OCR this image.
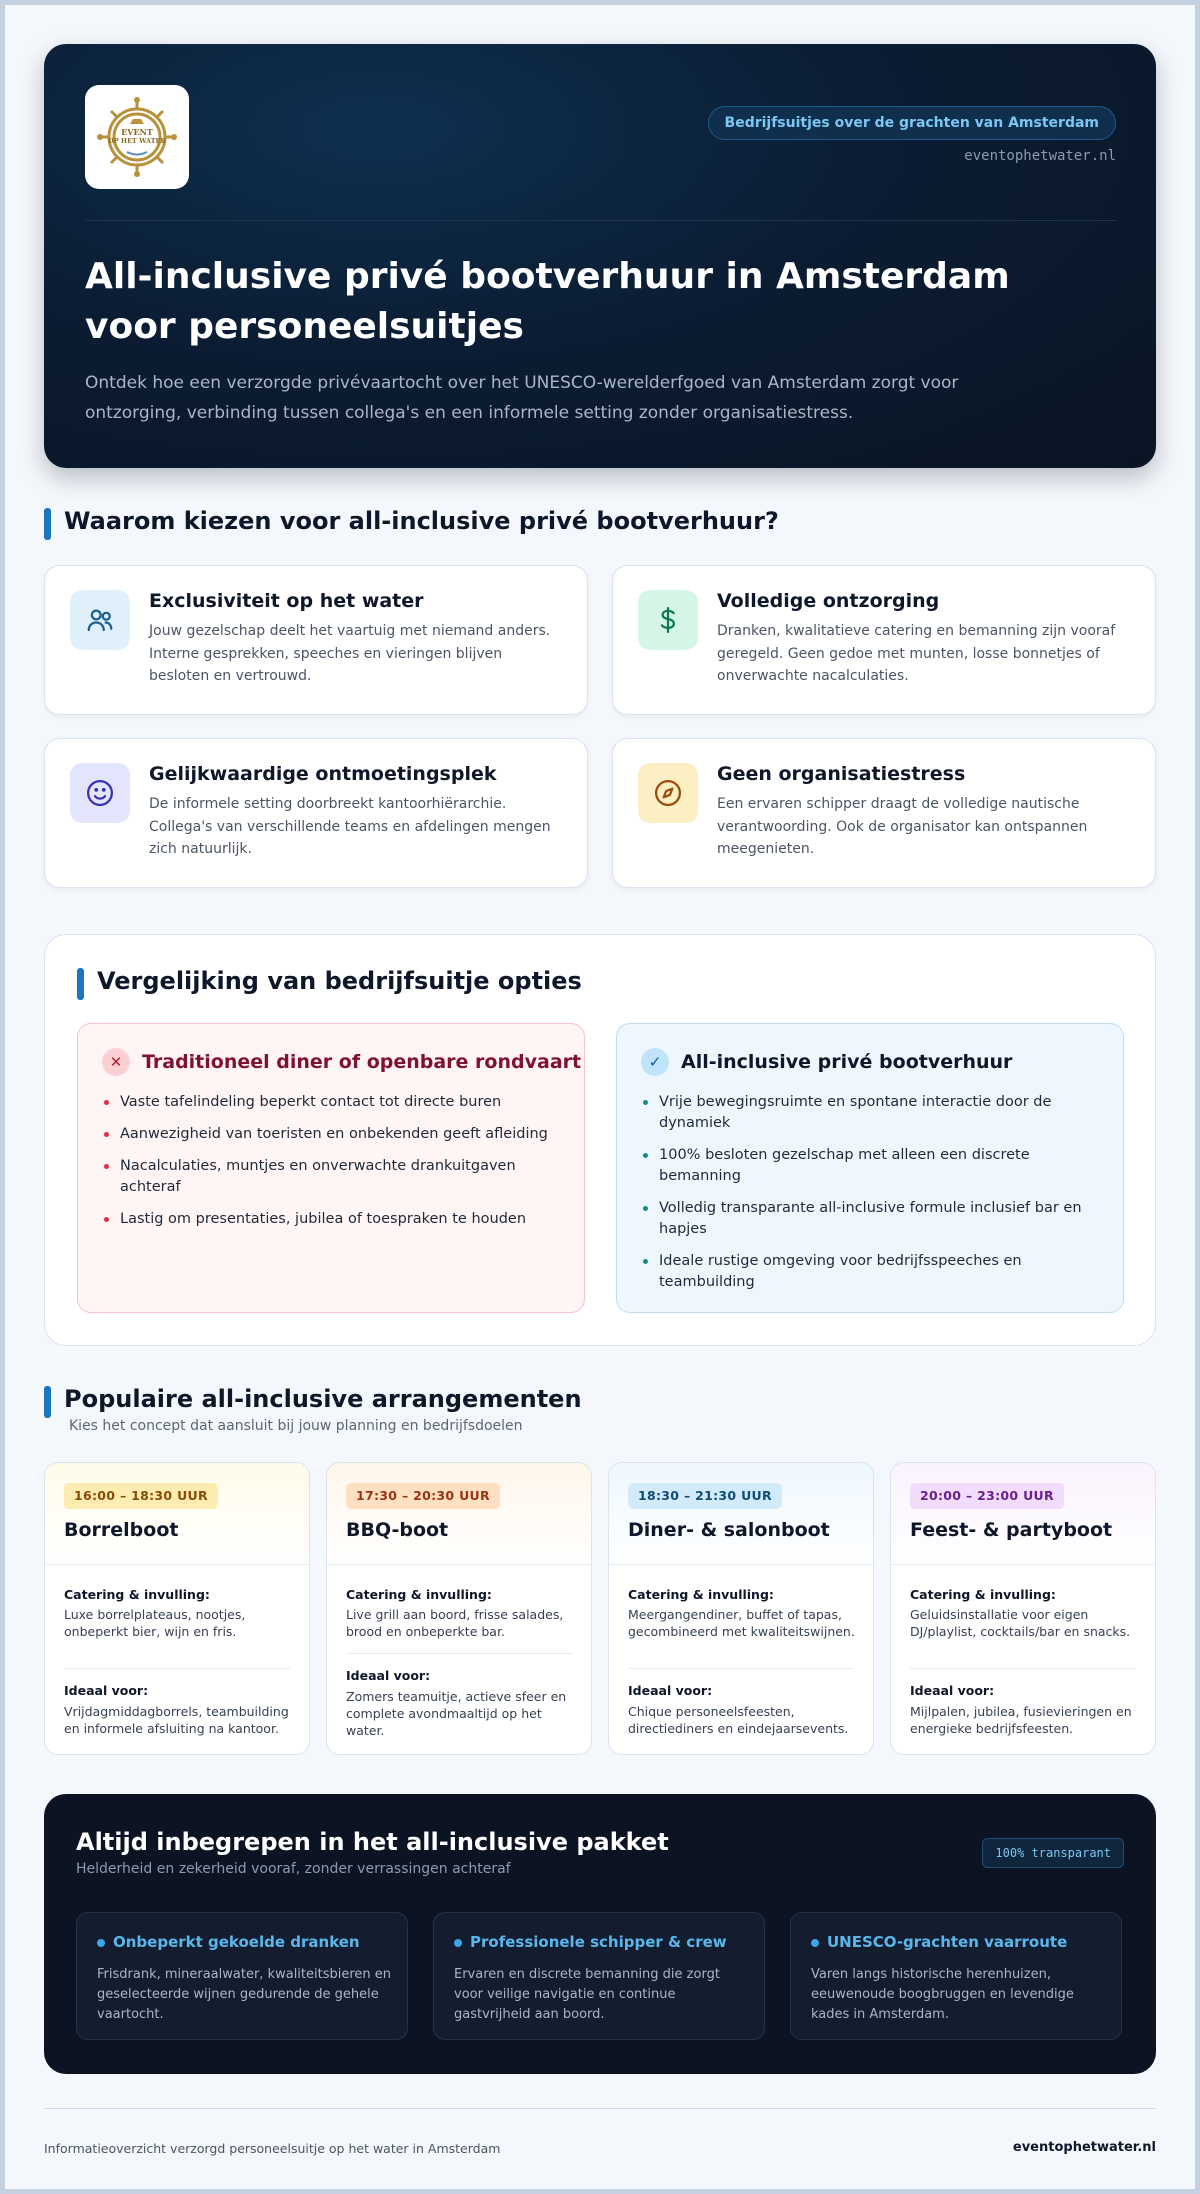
EVENT
OP HET WATER
Bedrijfsuitjes over de grachten van Amsterdam
eventophetwater.nl
All-inclusive privé bootverhuur in Amsterdam voor personeelsuitjes

Ontdek hoe een verzorgde privévaartocht over het UNESCO-werelderfgoed van Amsterdam zorgt voor ontzorging, verbinding tussen collega's en een informele setting zonder organisatiestress.

Waarom kiezen voor all-inclusive privé bootverhuur?
Exclusiviteit op het water

Jouw gezelschap deelt het vaartuig met niemand anders. Interne gesprekken, speeches en vieringen blijven besloten en vertrouwd.

Volledige ontzorging

Dranken, kwalitatieve catering en bemanning zijn vooraf geregeld. Geen gedoe met munten, losse bonnetjes of onverwachte nacalculaties.

Gelijkwaardige ontmoetingsplek

De informele setting doorbreekt kantoorhiërarchie. Collega's van verschillende teams en afdelingen mengen zich natuurlijk.

Geen organisatiestress

Een ervaren schipper draagt de volledige nautische verantwoording. Ook de organisator kan ontspannen meegenieten.

Vergelijking van bedrijfsuitje opties
✕	Traditioneel diner of openbare rondvaart
Vaste tafelindeling beperkt contact tot directe buren
Aanwezigheid van toeristen en onbekenden geeft afleiding
Nacalculaties, muntjes en onverwachte drankuitgaven achteraf
Lastig om presentaties, jubilea of toespraken te houden
✓	All-inclusive privé bootverhuur
Vrije bewegingsruimte en spontane interactie door de dynamiek
100% besloten gezelschap met alleen een discrete bemanning
Volledig transparante all-inclusive formule inclusief bar en hapjes
Ideale rustige omgeving voor bedrijfsspeeches en teambuilding
Populaire all-inclusive arrangementen
Kies het concept dat aansluit bij jouw planning en bedrijfsdoelen
16:00 – 18:30 UUR
Borrelboot
Catering & invulling:
Luxe borrelplateaus, nootjes, onbeperkt bier, wijn en fris.
Ideaal voor:
Vrijdagmiddagborrels, teambuilding en informele afsluiting na kantoor.
17:30 – 20:30 UUR
BBQ-boot
Catering & invulling:
Live grill aan boord, frisse salades, brood en onbeperkte bar.
Ideaal voor:
Zomers teamuitje, actieve sfeer en complete avondmaaltijd op het water.
18:30 – 21:30 UUR
Diner- & salonboot
Catering & invulling:
Meergangendiner, buffet of tapas, gecombineerd met kwaliteitswijnen.
Ideaal voor:
Chique personeelsfeesten, directiediners en eindejaarsevents.
20:00 – 23:00 UUR
Feest- & partyboot
Catering & invulling:
Geluidsinstallatie voor eigen DJ/playlist, cocktails/bar en snacks.
Ideaal voor:
Mijlpalen, jubilea, fusievieringen en energieke bedrijfsfeesten.
Altijd inbegrepen in het all-inclusive pakket
Helderheid en zekerheid vooraf, zonder verrassingen achteraf
100% transparant
Onbeperkt gekoelde dranken

Frisdrank, mineraalwater, kwaliteitsbieren en geselecteerde wijnen gedurende de gehele vaartocht.

Professionele schipper & crew

Ervaren en discrete bemanning die zorgt voor veilige navigatie en continue gastvrijheid aan boord.

UNESCO-grachten vaarroute

Varen langs historische herenhuizen, eeuwenoude boogbruggen en levendige kades in Amsterdam.

Informatieoverzicht verzorgd personeelsuitje op het water in Amsterdam	eventophetwater.nl
